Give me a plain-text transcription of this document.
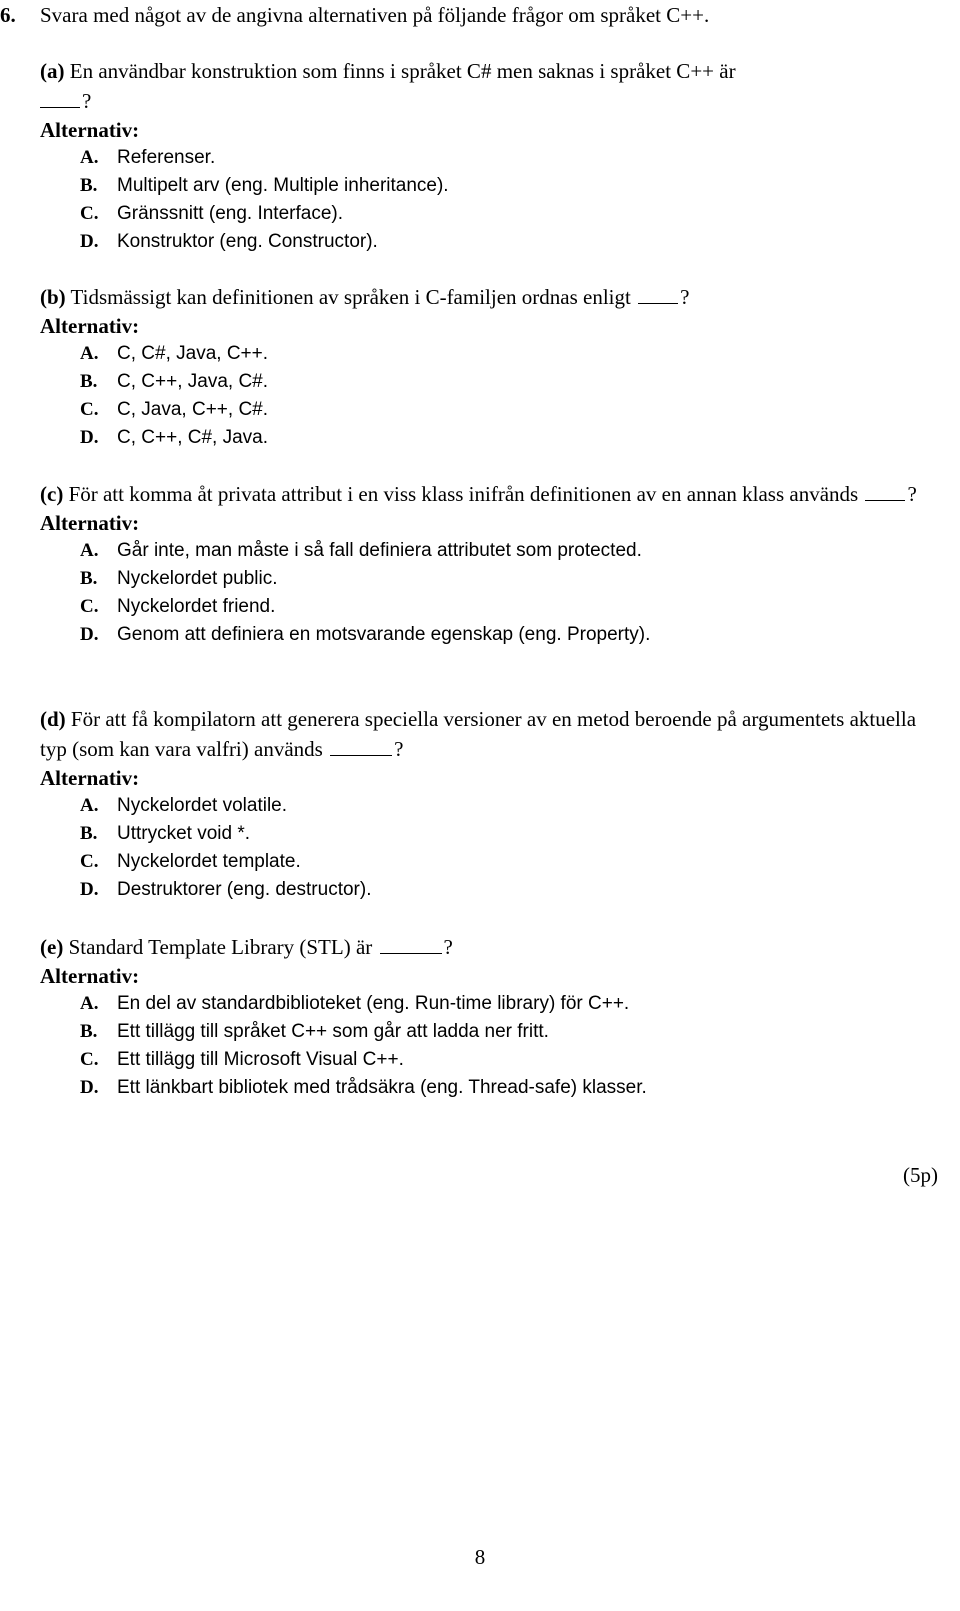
6. Svara med något av de angivna alternativen på följande frågor om språket C++.

(a) En användbar konstruktion som finns i språket C# men saknas i språket C++ är
?

Alternativ:

A. Referenser.
B. Multipelt arv (eng. Multiple inheritance).
C. Gränssnitt (eng. Interface).
D. Konstruktor (eng. Constructor).

(b) Tidsmässigt kan definitionen av språken i C-familjen ordnas enligt ?

Alternativ:

A. C, C#, Java, C++.
B. C, C++, Java, C#.
C. C, Java, C++, C#.
D. C, C++, C#, Java.

(c) För att komma åt privata attribut i en viss klass inifrån definitionen av en annan klass används ?

Alternativ:

A. Går inte, man måste i så fall definiera attributet som protected.
B. Nyckelordet public.
C. Nyckelordet friend.
D. Genom att definiera en motsvarande egenskap (eng. Property).

(d) För att få kompilatorn att generera speciella versioner av en metod beroende på argumentets aktuella typ (som kan vara valfri) används	?

Alternativ:

A. Nyckelordet volatile.
B. Uttrycket void *.
C. Nyckelordet template.
D. Destruktorer (eng. destructor).

(e) Standard Template Library (STL) är	?

Alternativ:

A. En del av standardbiblioteket (eng. Run-time library) för C++.
B. Ett tillägg till språket C++ som går att ladda ner fritt.
C. Ett tillägg till Microsoft Visual C++.
D. Ett länkbart bibliotek med trådsäkra (eng. Thread-safe) klasser.
(5p)
8
